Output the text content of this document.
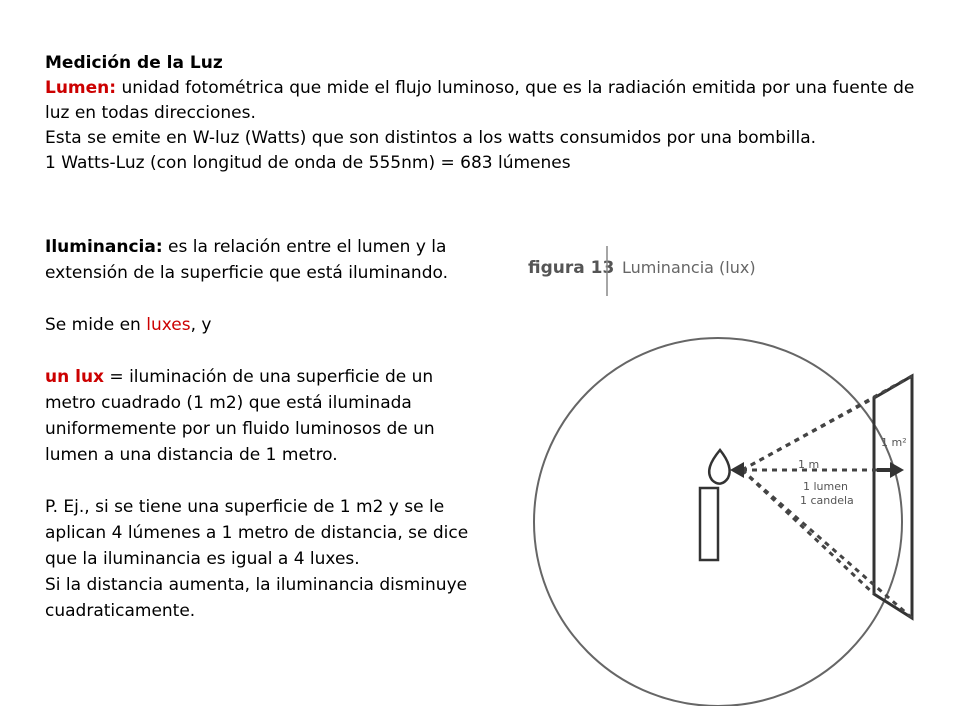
Medición de la Luz

Lumen: unidad fotométrica que mide el flujo luminoso, que es la radiación emitida por una fuente de luz en todas direcciones.

Esta se emite en W-luz (Watts) que son distintos a los watts consumidos por una bombilla.

1 Watts-Luz (con longitud de onda de 555nm) = 683 lúmenes

Iluminancia: es la relación entre el lumen y la extensión de la superficie que está iluminando.

Se mide en luxes, y

un lux = iluminación de una superficie de un metro cuadrado (1 m2) que está iluminada uniformemente por un fluido luminosos de un lumen a una distancia de 1 metro.

P. Ej., si se tiene una superficie de 1 m2 y se le aplican 4 lúmenes a 1 metro de distancia, se dice que la iluminancia es igual a 4 luxes.

Si la distancia aumenta, la iluminancia disminuye cuadraticamente.

figura 13 Luminancia (lux)
1 m²
1 m
1 lumen
1 candela
